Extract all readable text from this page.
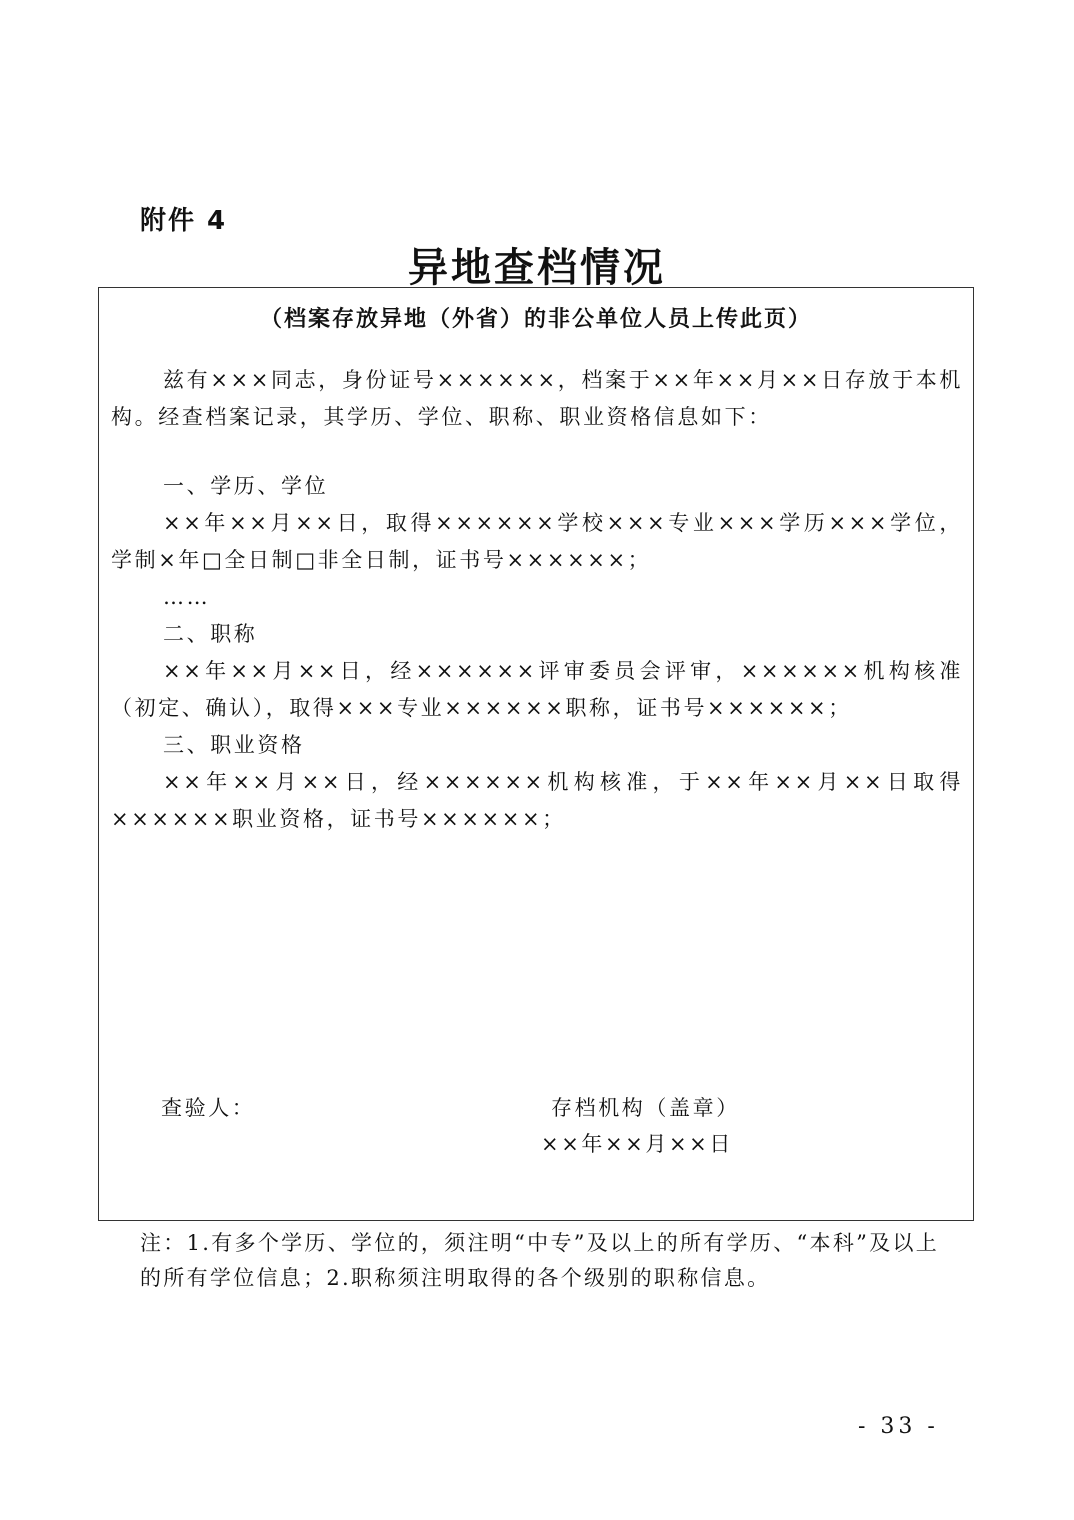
附件 4
异地查档情况
（档案存放异地（外省）的非公单位人员上传此页）
兹有×××同志，身份证号××××××，档案于××年××月××日存放于本机构。经查档案记录，其学历、学位、职称、职业资格信息如下：

一、学历、学位

××年××月××日，取得××××××学校×××专业×××学历×××学位，学制×年□全日制□非全日制，证书号××××××；

……

二、职称

××年××月××日，经××××××评审委员会评审，××××××机构核准（初定、确认），取得×××专业××××××职称，证书号××××××；

三、职业资格

××年××月××日，经××××××机构核准，于××年××月××日取得××××××职业资格，证书号××××××；

查验人：	存档机构（盖章）
××年××月××日
注：1.有多个学历、学位的，须注明“中专”及以上的所有学历、“本科”及以上的所有学位信息；2.职称须注明取得的各个级别的职称信息。
- 33 -
